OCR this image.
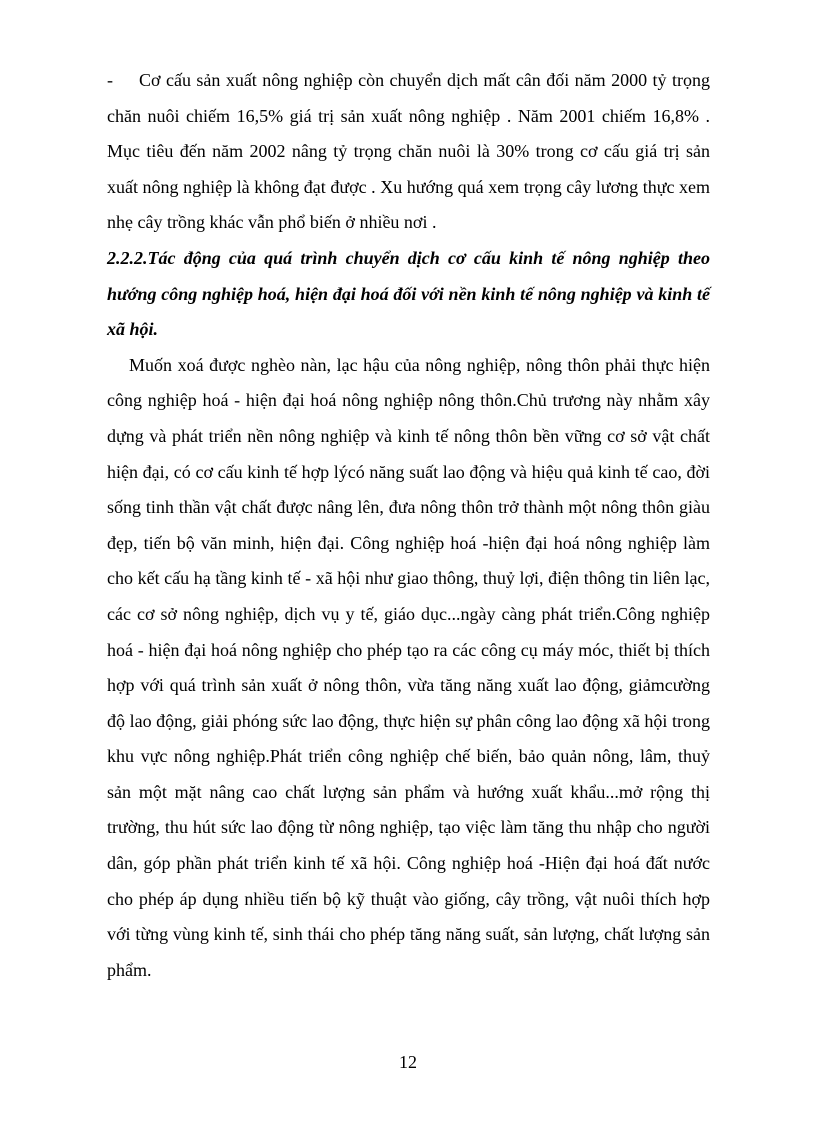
- Cơ cấu sản xuất nông nghiệp còn chuyển dịch mất cân đối năm 2000 tỷ trọng chăn nuôi chiếm 16,5% giá trị sản xuất nông nghiệp . Năm 2001 chiếm 16,8% . Mục tiêu đến năm 2002 nâng tỷ trọng chăn nuôi là 30% trong cơ cấu giá trị sản xuất nông nghiệp là không đạt được . Xu hướng quá xem trọng cây lương thực xem nhẹ cây trồng khác vẫn phổ biến ở nhiều nơi .

2.2.2.Tác động của quá trình chuyển dịch cơ cấu kinh tế nông nghiệp theo hướng công nghiệp hoá, hiện đại hoá đối với nền kinh tế nông nghiệp và kinh tế xã hội.

Muốn xoá được nghèo nàn, lạc hậu của nông nghiệp, nông thôn phải thực hiện công nghiệp hoá - hiện đại hoá nông nghiệp nông thôn.Chủ trương này nhằm xây dựng và phát triển nền nông nghiệp và kinh tế nông thôn bền vững cơ sở vật chất hiện đại, có cơ cấu kinh tế hợp lýcó năng suất lao động và hiệu quả kinh tế cao, đời sống tinh thần vật chất được nâng lên, đưa nông thôn trở thành một nông thôn giàu đẹp, tiến bộ văn minh, hiện đại. Công nghiệp hoá -hiện đại hoá nông nghiệp làm cho kết cấu hạ tầng kinh tế - xã hội như giao thông, thuỷ lợi, điện thông tin liên lạc, các cơ sở nông nghiệp, dịch vụ y tế, giáo dục...ngày càng phát triển.Công nghiệp hoá - hiện đại hoá nông nghiệp cho phép tạo ra các công cụ máy móc, thiết bị thích hợp với quá trình sản xuất ở nông thôn, vừa tăng năng xuất lao động, giảmcường độ lao động, giải phóng sức lao động, thực hiện sự phân công lao động xã hội trong khu vực nông nghiệp.Phát triển công nghiệp chế biến, bảo quản nông, lâm, thuỷ sản một mặt nâng cao chất lượng sản phẩm và hướng xuất khẩu...mở rộng thị trường, thu hút sức lao động từ nông nghiệp, tạo việc làm tăng thu nhập cho người dân, góp phần phát triển kinh tế xã hội. Công nghiệp hoá -Hiện đại hoá đất nước cho phép áp dụng nhiều tiến bộ kỹ thuật vào giống, cây trồng, vật nuôi thích hợp với từng vùng kinh tế, sinh thái cho phép tăng năng suất, sản lượng, chất lượng sản phẩm.

12
